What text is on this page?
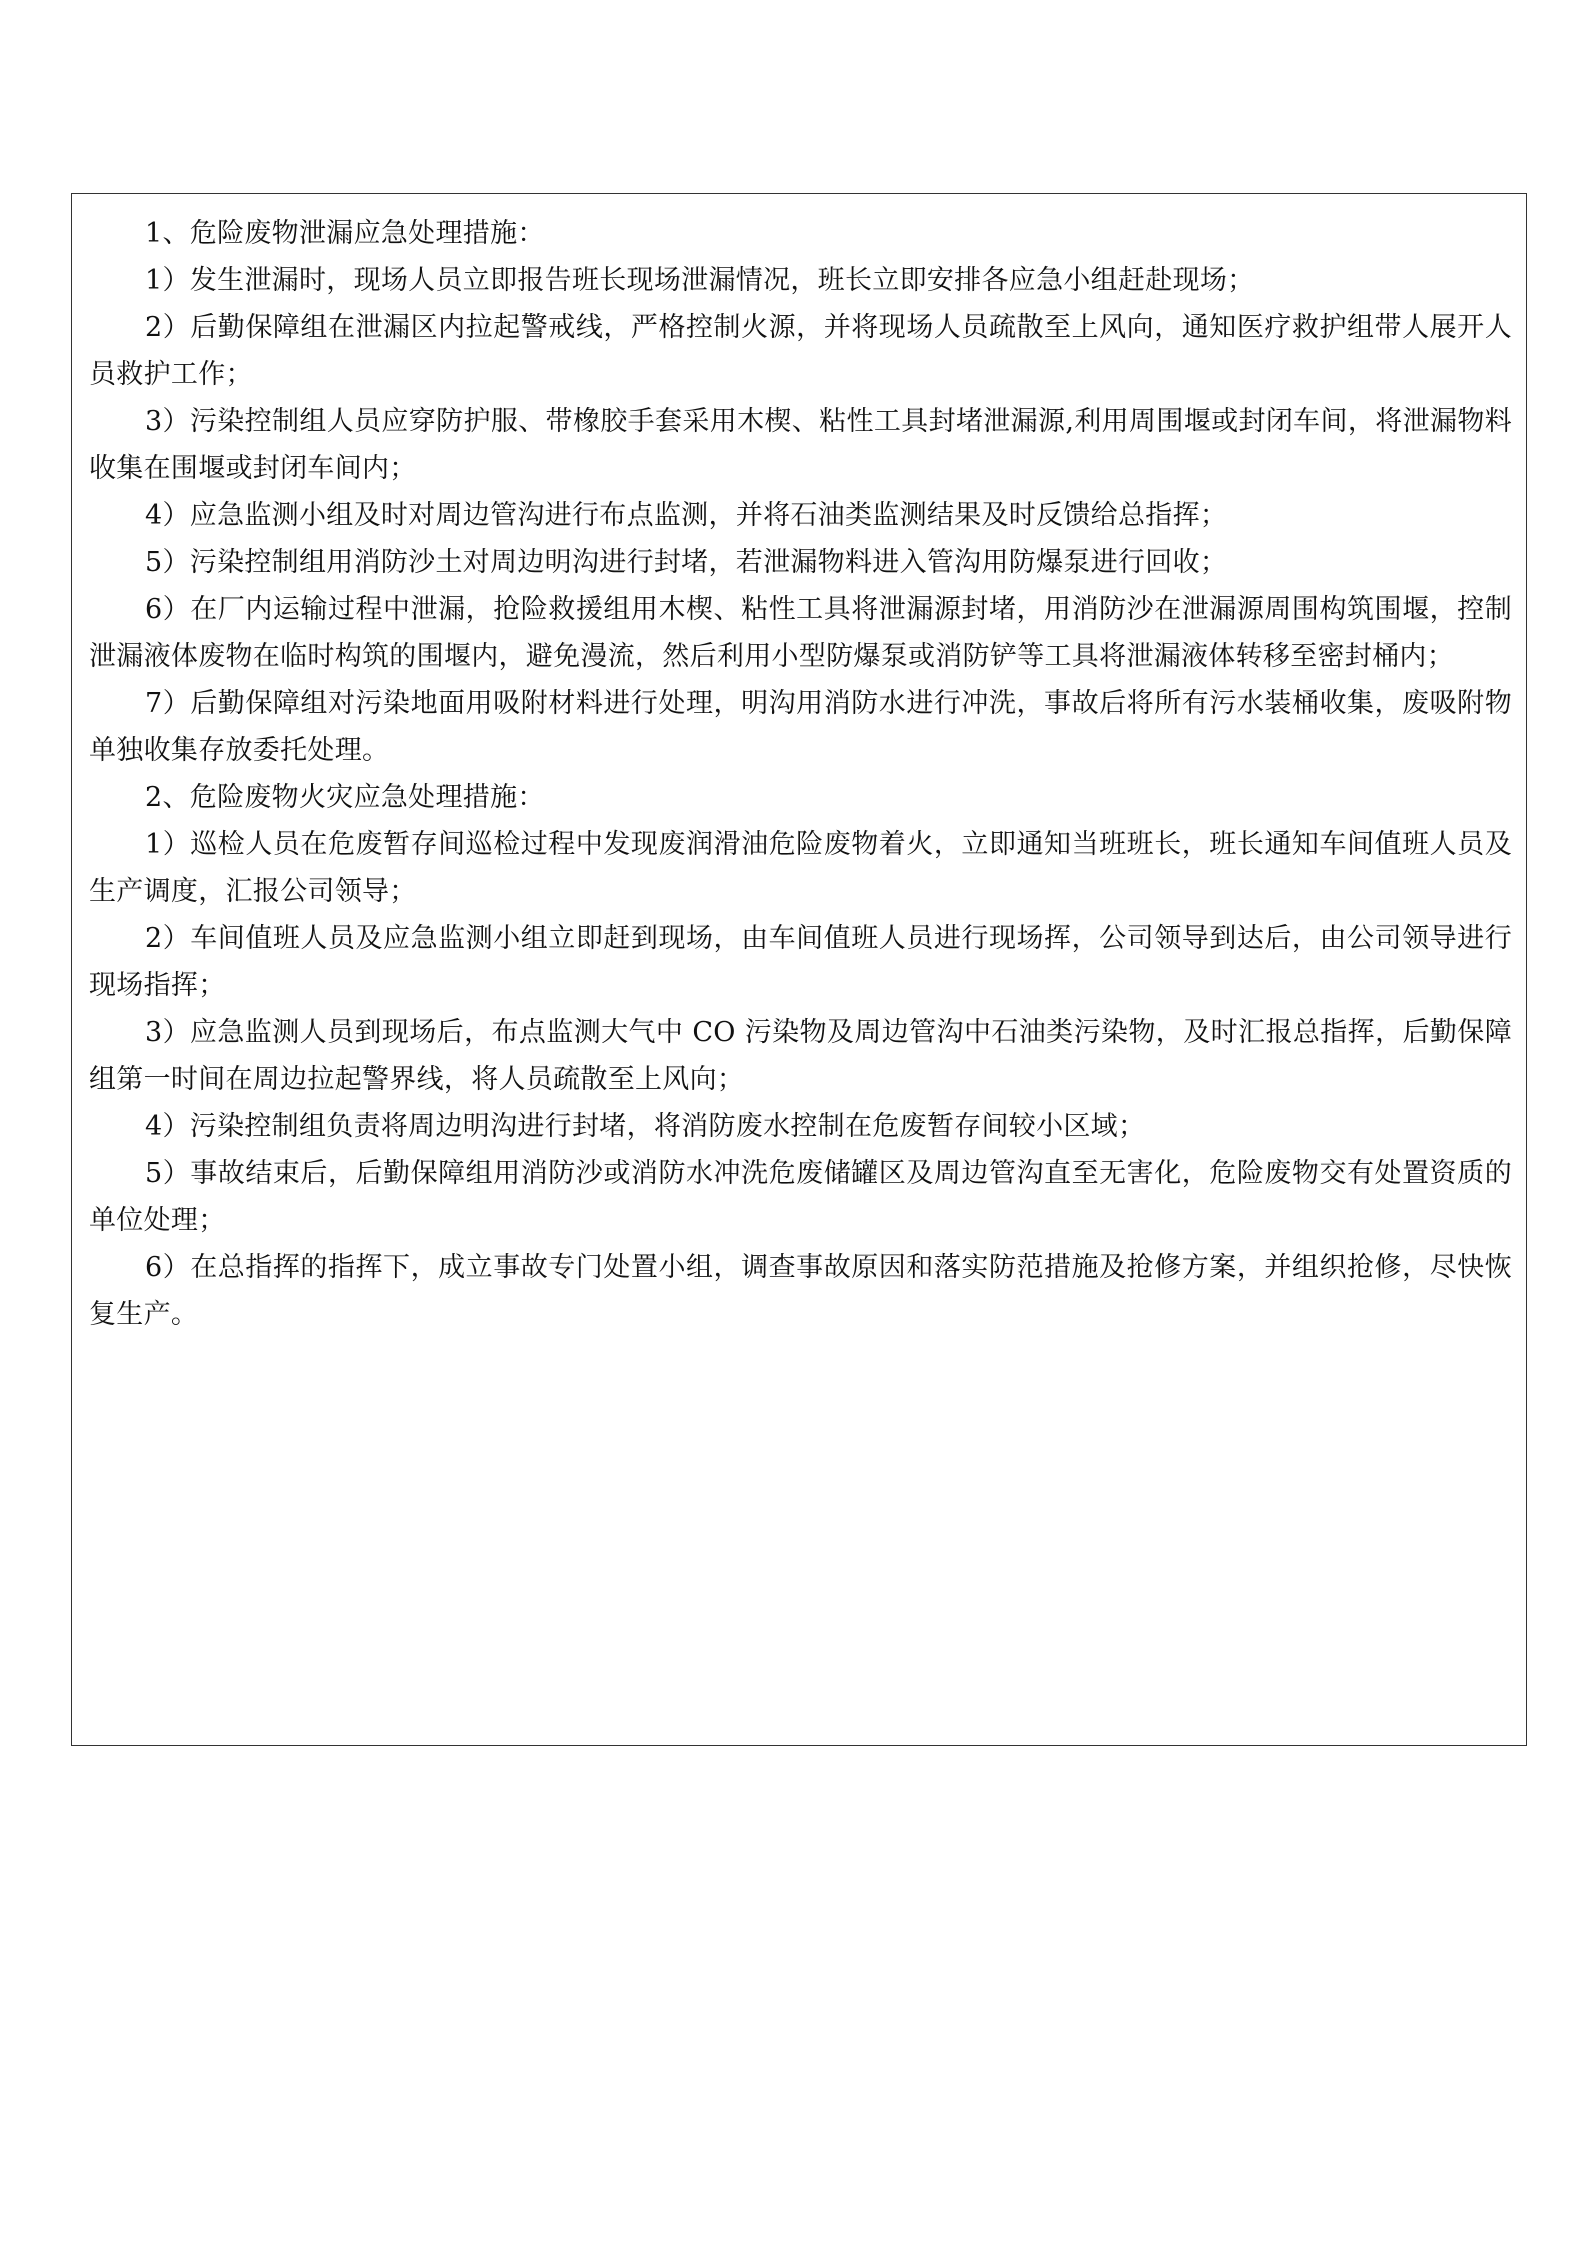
1、危险废物泄漏应急处理措施：

1）发生泄漏时，现场人员立即报告班长现场泄漏情况，班长立即安排各应急小组赶赴现场；

2）后勤保障组在泄漏区内拉起警戒线，严格控制火源，并将现场人员疏散至上风向，通知医疗救护组带人展开人员救护工作；

3）污染控制组人员应穿防护服、带橡胶手套采用木楔、粘性工具封堵泄漏源,利用周围堰或封闭车间，将泄漏物料收集在围堰或封闭车间内；

4）应急监测小组及时对周边管沟进行布点监测，并将石油类监测结果及时反馈给总指挥；

5）污染控制组用消防沙土对周边明沟进行封堵，若泄漏物料进入管沟用防爆泵进行回收；

6）在厂内运输过程中泄漏，抢险救援组用木楔、粘性工具将泄漏源封堵，用消防沙在泄漏源周围构筑围堰，控制泄漏液体废物在临时构筑的围堰内，避免漫流，然后利用小型防爆泵或消防铲等工具将泄漏液体转移至密封桶内；

7）后勤保障组对污染地面用吸附材料进行处理，明沟用消防水进行冲洗，事故后将所有污水装桶收集，废吸附物单独收集存放委托处理。

2、危险废物火灾应急处理措施：

1）巡检人员在危废暂存间巡检过程中发现废润滑油危险废物着火，立即通知当班班长，班长通知车间值班人员及生产调度，汇报公司领导；

2）车间值班人员及应急监测小组立即赶到现场，由车间值班人员进行现场挥，公司领导到达后，由公司领导进行现场指挥；

3）应急监测人员到现场后，布点监测大气中 CO 污染物及周边管沟中石油类污染物，及时汇报总指挥，后勤保障组第一时间在周边拉起警界线，将人员疏散至上风向；

4）污染控制组负责将周边明沟进行封堵，将消防废水控制在危废暂存间较小区域；

5）事故结束后，后勤保障组用消防沙或消防水冲洗危废储罐区及周边管沟直至无害化，危险废物交有处置资质的单位处理；

6）在总指挥的指挥下，成立事故专门处置小组，调查事故原因和落实防范措施及抢修方案，并组织抢修，尽快恢复生产。
